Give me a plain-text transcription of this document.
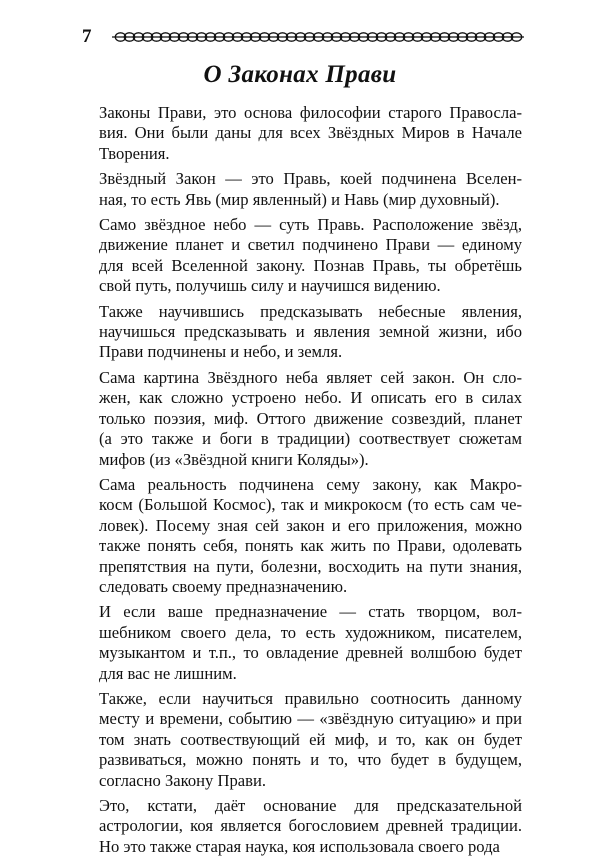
7
О Законах Прави

Законы Прави, это основа философии старого Правосла-
вия. Они были даны для всех Звёздных Миров в Начале
Творения.

Звёздный Закон — это Правь, коей подчинена Вселен-
ная, то есть Явь (мир явленный) и Навь (мир духовный).

Само звёздное небо — суть Правь. Расположение звёзд,
движение планет и светил подчинено Прави — единому
для всей Вселенной закону. Познав Правь, ты обретёшь
свой путь, получишь силу и научишся видению.

Также научившись предсказывать небесные явления,
научишься предсказывать и явления земной жизни, ибо
Прави подчинены и небо, и земля.

Сама картина Звёздного неба являет сей закон. Он сло-
жен, как сложно устроено небо. И описать его в силах
только поэзия, миф. Оттого движение созвездий, планет
(а это также и боги в традиции) соотвествует сюжетам
мифов (из «Звёздной книги Коляды»).

Сама реальность подчинена сему закону, как Макро-
косм (Большой Космос), так и микрокосм (то есть сам че-
ловек). Посему зная сей закон и его приложения, можно
также понять себя, понять как жить по Прави, одолевать
препятствия на пути, болезни, восходить на пути знания,
следовать своему предназначению.

И если ваше предназначение — стать творцом, вол-
шебником своего дела, то есть художником, писателем,
музыкантом и т.п., то овладение древней волшбою будет
для вас не лишним.

Также, если научиться правильно соотносить данному
месту и времени, событию — «звёздную ситуацию» и при
том знать соотвествующий ей миф, и то, как он будет
развиваться, можно понять и то, что будет в будущем,
согласно Закону Прави.

Это, кстати, даёт основание для предсказательной
астрологии, коя является богословием древней традиции.
Но это также старая наука, коя использовала своего рода
